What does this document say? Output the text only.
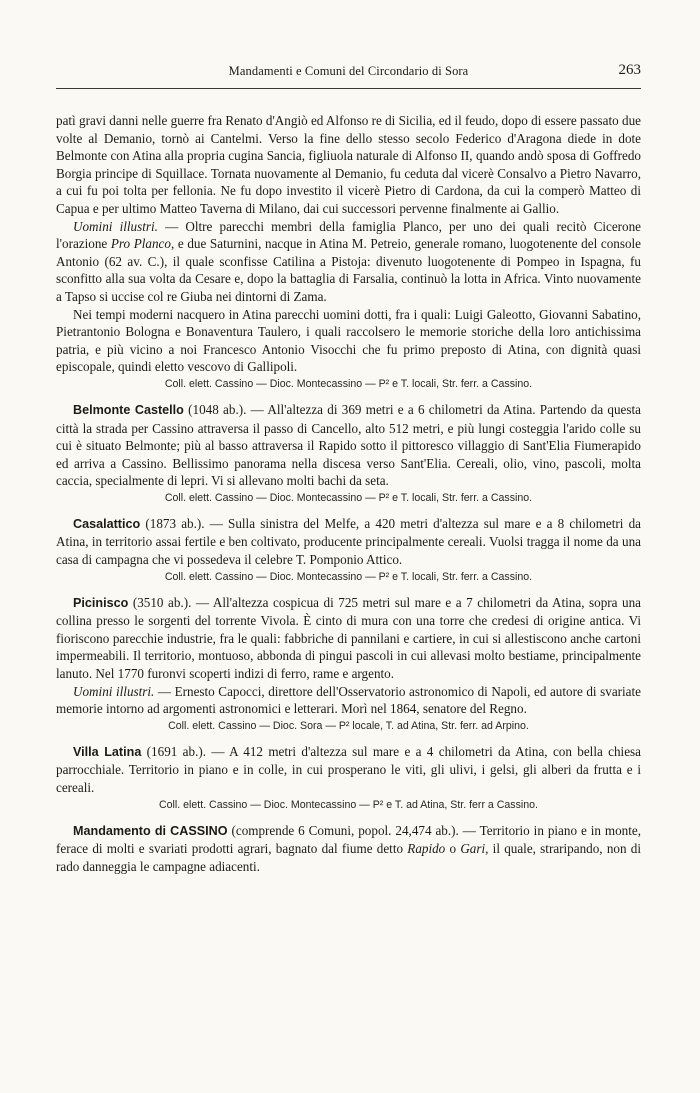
Mandamenti e Comuni del Circondario di Sora	263

patì gravi danni nelle guerre fra Renato d'Angiò ed Alfonso re di Sicilia, ed il feudo, dopo di essere passato due volte al Demanio, tornò ai Cantelmi. Verso la fine dello stesso secolo Federico d'Aragona diede in dote Belmonte con Atina alla propria cugina Sancia, figliuola naturale di Alfonso II, quando andò sposa di Goffredo Borgia principe di Squillace. Tornata nuovamente al Demanio, fu ceduta dal vicerè Consalvo a Pietro Navarro, a cui fu poi tolta per fellonia. Ne fu dopo investito il vicerè Pietro di Cardona, da cui la comperò Matteo di Capua e per ultimo Matteo Taverna di Milano, dai cui successori pervenne finalmente ai Gallio.

Uomini illustri. — Oltre parecchi membri della famiglia Planco, per uno dei quali recitò Cicerone l'orazione Pro Planco, e due Saturnini, nacque in Atina M. Petreio, generale romano, luogotenente del console Antonio (62 av. C.), il quale sconfisse Catilina a Pistoja: divenuto luogotenente di Pompeo in Ispagna, fu sconfitto alla sua volta da Cesare e, dopo la battaglia di Farsalia, continuò la lotta in Africa. Vinto nuovamente a Tapso si uccise col re Giuba nei dintorni di Zama.

Nei tempi moderni nacquero in Atina parecchi uomini dotti, fra i quali: Luigi Galeotto, Giovanni Sabatino, Pietrantonio Bologna e Bonaventura Taulero, i quali raccolsero le memorie storiche della loro antichissima patria, e più vicino a noi Francesco Antonio Visocchi che fu primo preposto di Atina, con dignità quasi episcopale, quindi eletto vescovo di Gallipoli.

Coll. elett. Cassino — Dioc. Montecassino — P² e T. locali, Str. ferr. a Cassino.

Belmonte Castello (1048 ab.). — All'altezza di 369 metri e a 6 chilometri da Atina. Partendo da questa città la strada per Cassino attraversa il passo di Cancello, alto 512 metri, e più lungi costeggia l'arido colle su cui è situato Belmonte; più al basso attraversa il Rapido sotto il pittoresco villaggio di Sant'Elia Fiumerapido ed arriva a Cassino. Bellissimo panorama nella discesa verso Sant'Elia. Cereali, olio, vino, pascoli, molta caccia, specialmente di lepri. Vi si allevano molti bachi da seta.

Coll. elett. Cassino — Dioc. Montecassino — P² e T. locali, Str. ferr. a Cassino.

Casalattico (1873 ab.). — Sulla sinistra del Melfe, a 420 metri d'altezza sul mare e a 8 chilometri da Atina, in territorio assai fertile e ben coltivato, producente principalmente cereali. Vuolsi tragga il nome da una casa di campagna che vi possedeva il celebre T. Pomponio Attico.

Coll. elett. Cassino — Dioc. Montecassino — P² e T. locali, Str. ferr. a Cassino.

Picinisco (3510 ab.). — All'altezza cospicua di 725 metri sul mare e a 7 chilometri da Atina, sopra una collina presso le sorgenti del torrente Vivola. È cinto di mura con una torre che credesi di origine antica. Vi fioriscono parecchie industrie, fra le quali: fabbriche di pannilani e cartiere, in cui si allestiscono anche cartoni impermeabili. Il territorio, montuoso, abbonda di pingui pascoli in cui allevasi molto bestiame, principalmente lanuto. Nel 1770 furonvi scoperti indizi di ferro, rame e argento.

Uomini illustri. — Ernesto Capocci, direttore dell'Osservatorio astronomico di Napoli, ed autore di svariate memorie intorno ad argomenti astronomici e letterari. Morì nel 1864, senatore del Regno.

Coll. elett. Cassino — Dioc. Sora — P² locale, T. ad Atina, Str. ferr. ad Arpino.

Villa Latina (1691 ab.). — A 412 metri d'altezza sul mare e a 4 chilometri da Atina, con bella chiesa parrocchiale. Territorio in piano e in colle, in cui prosperano le viti, gli ulivi, i gelsi, gli alberi da frutta e i cereali.

Coll. elett. Cassino — Dioc. Montecassino — P² e T. ad Atina, Str. ferr a Cassino.

Mandamento di CASSINO (comprende 6 Comuni, popol. 24,474 ab.). — Territorio in piano e in monte, ferace di molti e svariati prodotti agrari, bagnato dal fiume detto Rapido o Gari, il quale, straripando, non di rado danneggia le campagne adiacenti.
